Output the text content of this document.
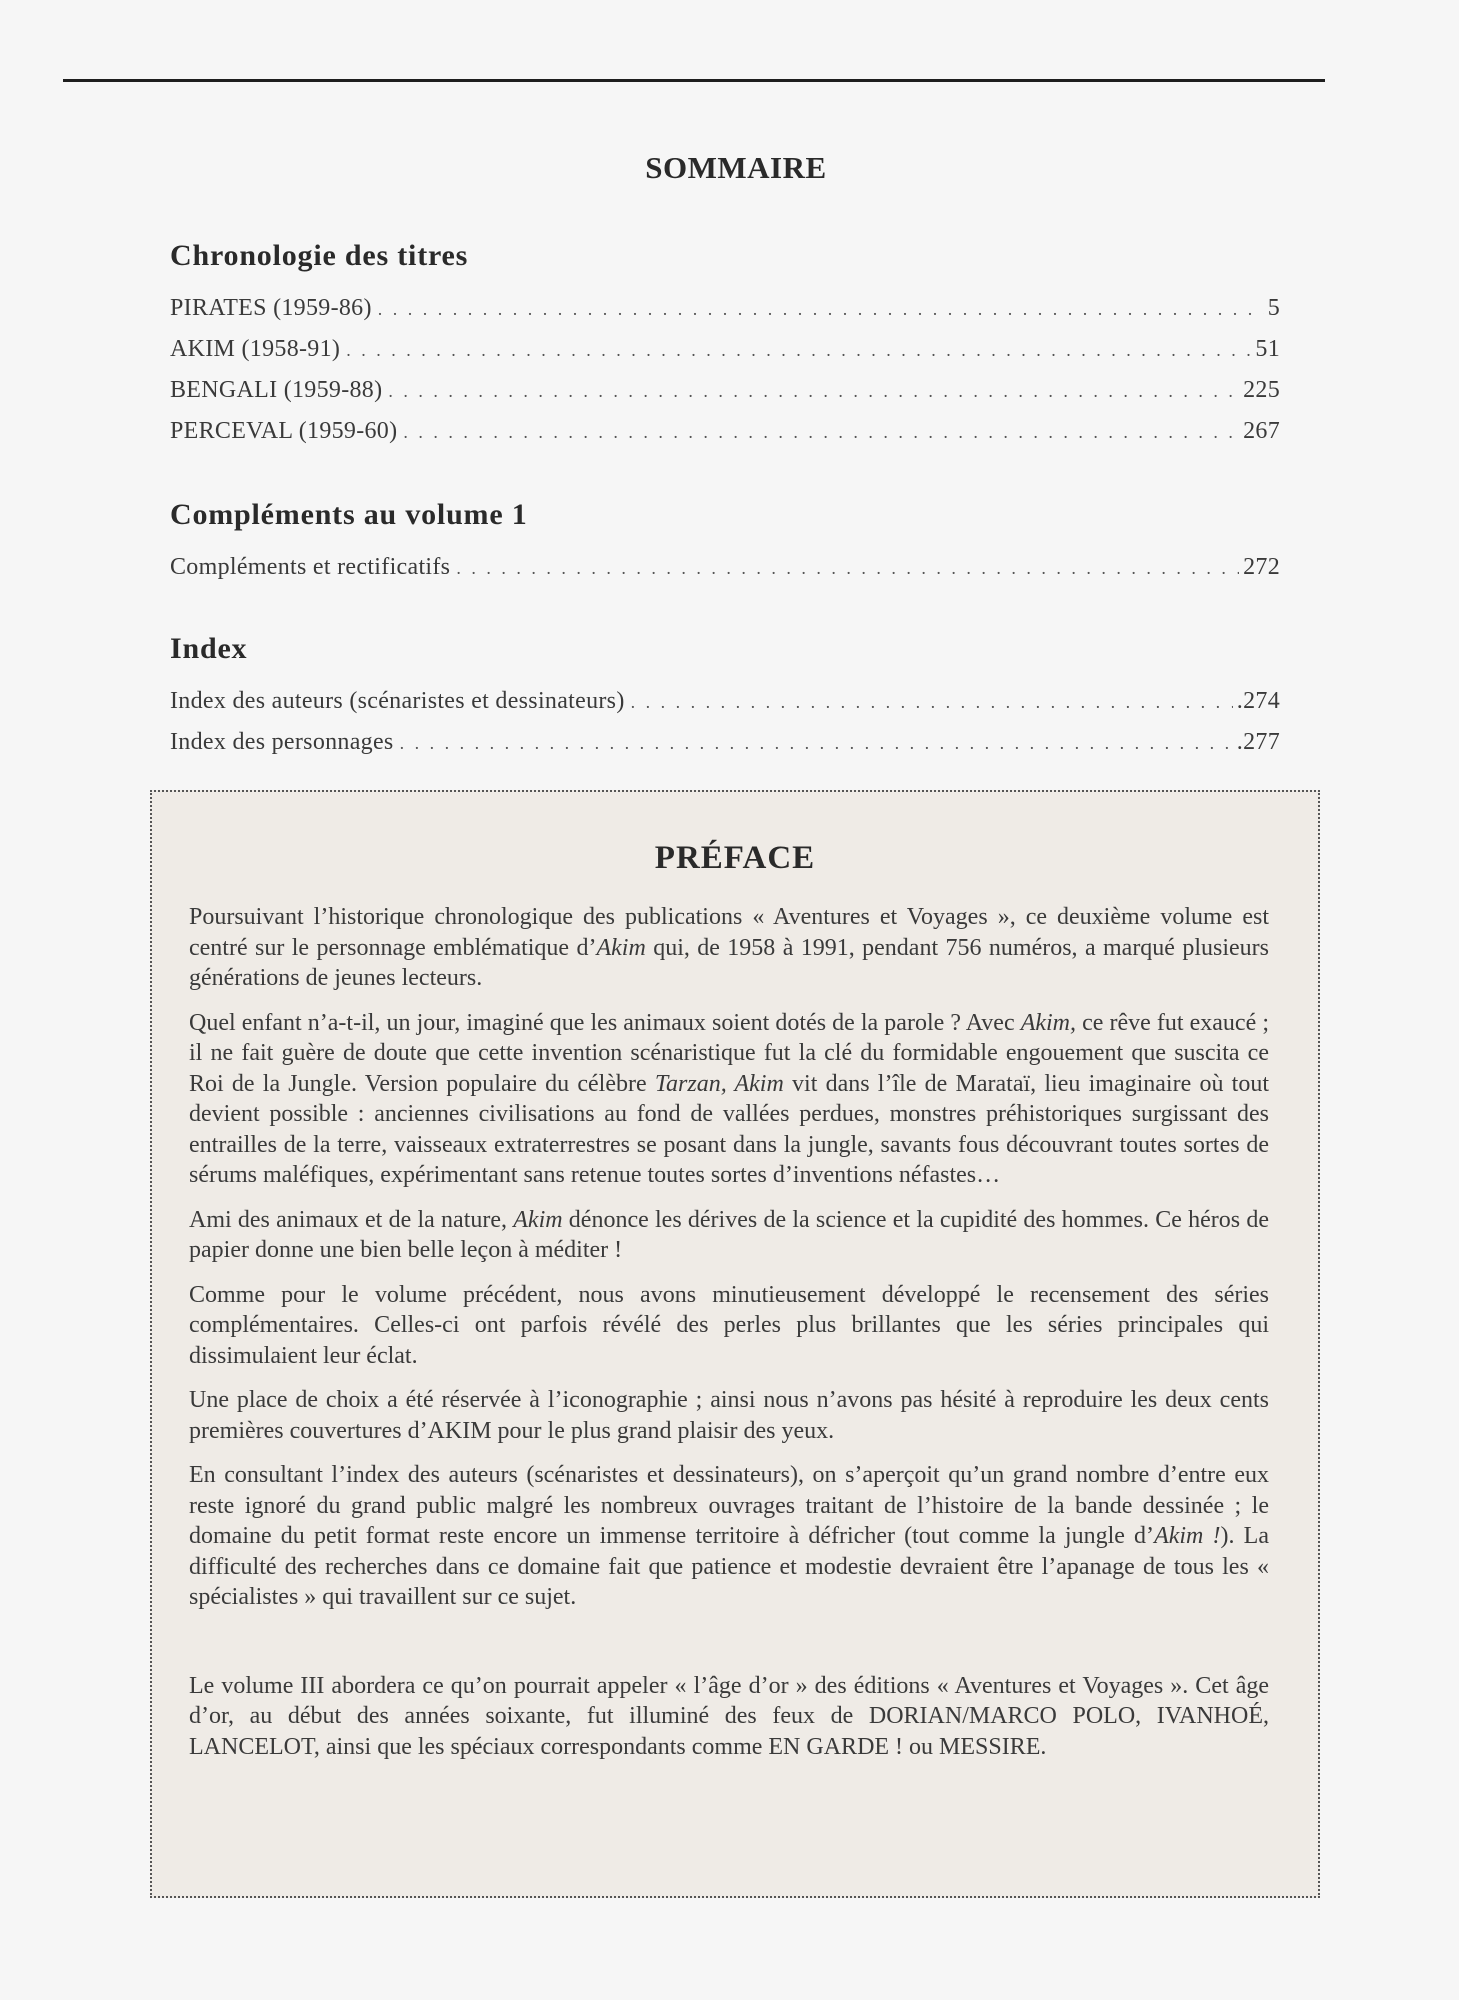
SOMMAIRE
Chronologie des titres
PIRATES (1959-86) . . .	5
AKIM (1958-91) . . .	51
BENGALI (1959-88) . . .	225
PERCEVAL (1959-60) . . .	267
Compléments au volume 1
Compléments et rectificatifs . . .	272
Index
Index des auteurs (scénaristes et dessinateurs) . . .	.274
Index des personnages . . .	.277
PRÉFACE

Poursuivant l’historique chronologique des publications « Aventures et Voyages », ce deuxième volume est centré sur le personnage emblématique d’Akim qui, de 1958 à 1991, pendant 756 numéros, a marqué plusieurs générations de jeunes lecteurs.

Quel enfant n’a-t-il, un jour, imaginé que les animaux soient dotés de la parole ? Avec Akim, ce rêve fut exaucé ; il ne fait guère de doute que cette invention scénaristique fut la clé du formidable engouement que suscita ce Roi de la Jungle. Version populaire du célèbre Tarzan, Akim vit dans l’île de Marataï, lieu imaginaire où tout devient possible : anciennes civilisations au fond de vallées perdues, monstres préhistoriques surgissant des entrailles de la terre, vaisseaux extraterrestres se posant dans la jungle, savants fous découvrant toutes sortes de sérums maléfiques, expérimentant sans retenue toutes sortes d’inventions néfastes…

Ami des animaux et de la nature, Akim dénonce les dérives de la science et la cupidité des hommes. Ce héros de papier donne une bien belle leçon à méditer !

Comme pour le volume précédent, nous avons minutieusement développé le recensement des séries complémentaires. Celles-ci ont parfois révélé des perles plus brillantes que les séries principales qui dissimulaient leur éclat.

Une place de choix a été réservée à l’iconographie ; ainsi nous n’avons pas hésité à reproduire les deux cents premières couvertures d’AKIM pour le plus grand plaisir des yeux.

En consultant l’index des auteurs (scénaristes et dessinateurs), on s’aperçoit qu’un grand nombre d’entre eux reste ignoré du grand public malgré les nombreux ouvrages traitant de l’histoire de la bande dessinée ; le domaine du petit format reste encore un immense territoire à défricher (tout comme la jungle d’Akim !). La difficulté des recherches dans ce domaine fait que patience et modestie devraient être l’apanage de tous les « spécialistes » qui travaillent sur ce sujet.

Le volume III abordera ce qu’on pourrait appeler « l’âge d’or » des éditions « Aventures et Voyages ». Cet âge d’or, au début des années soixante, fut illuminé des feux de DORIAN/MARCO POLO, IVANHOÉ, LANCELOT, ainsi que les spéciaux correspondants comme EN GARDE ! ou MESSIRE.
